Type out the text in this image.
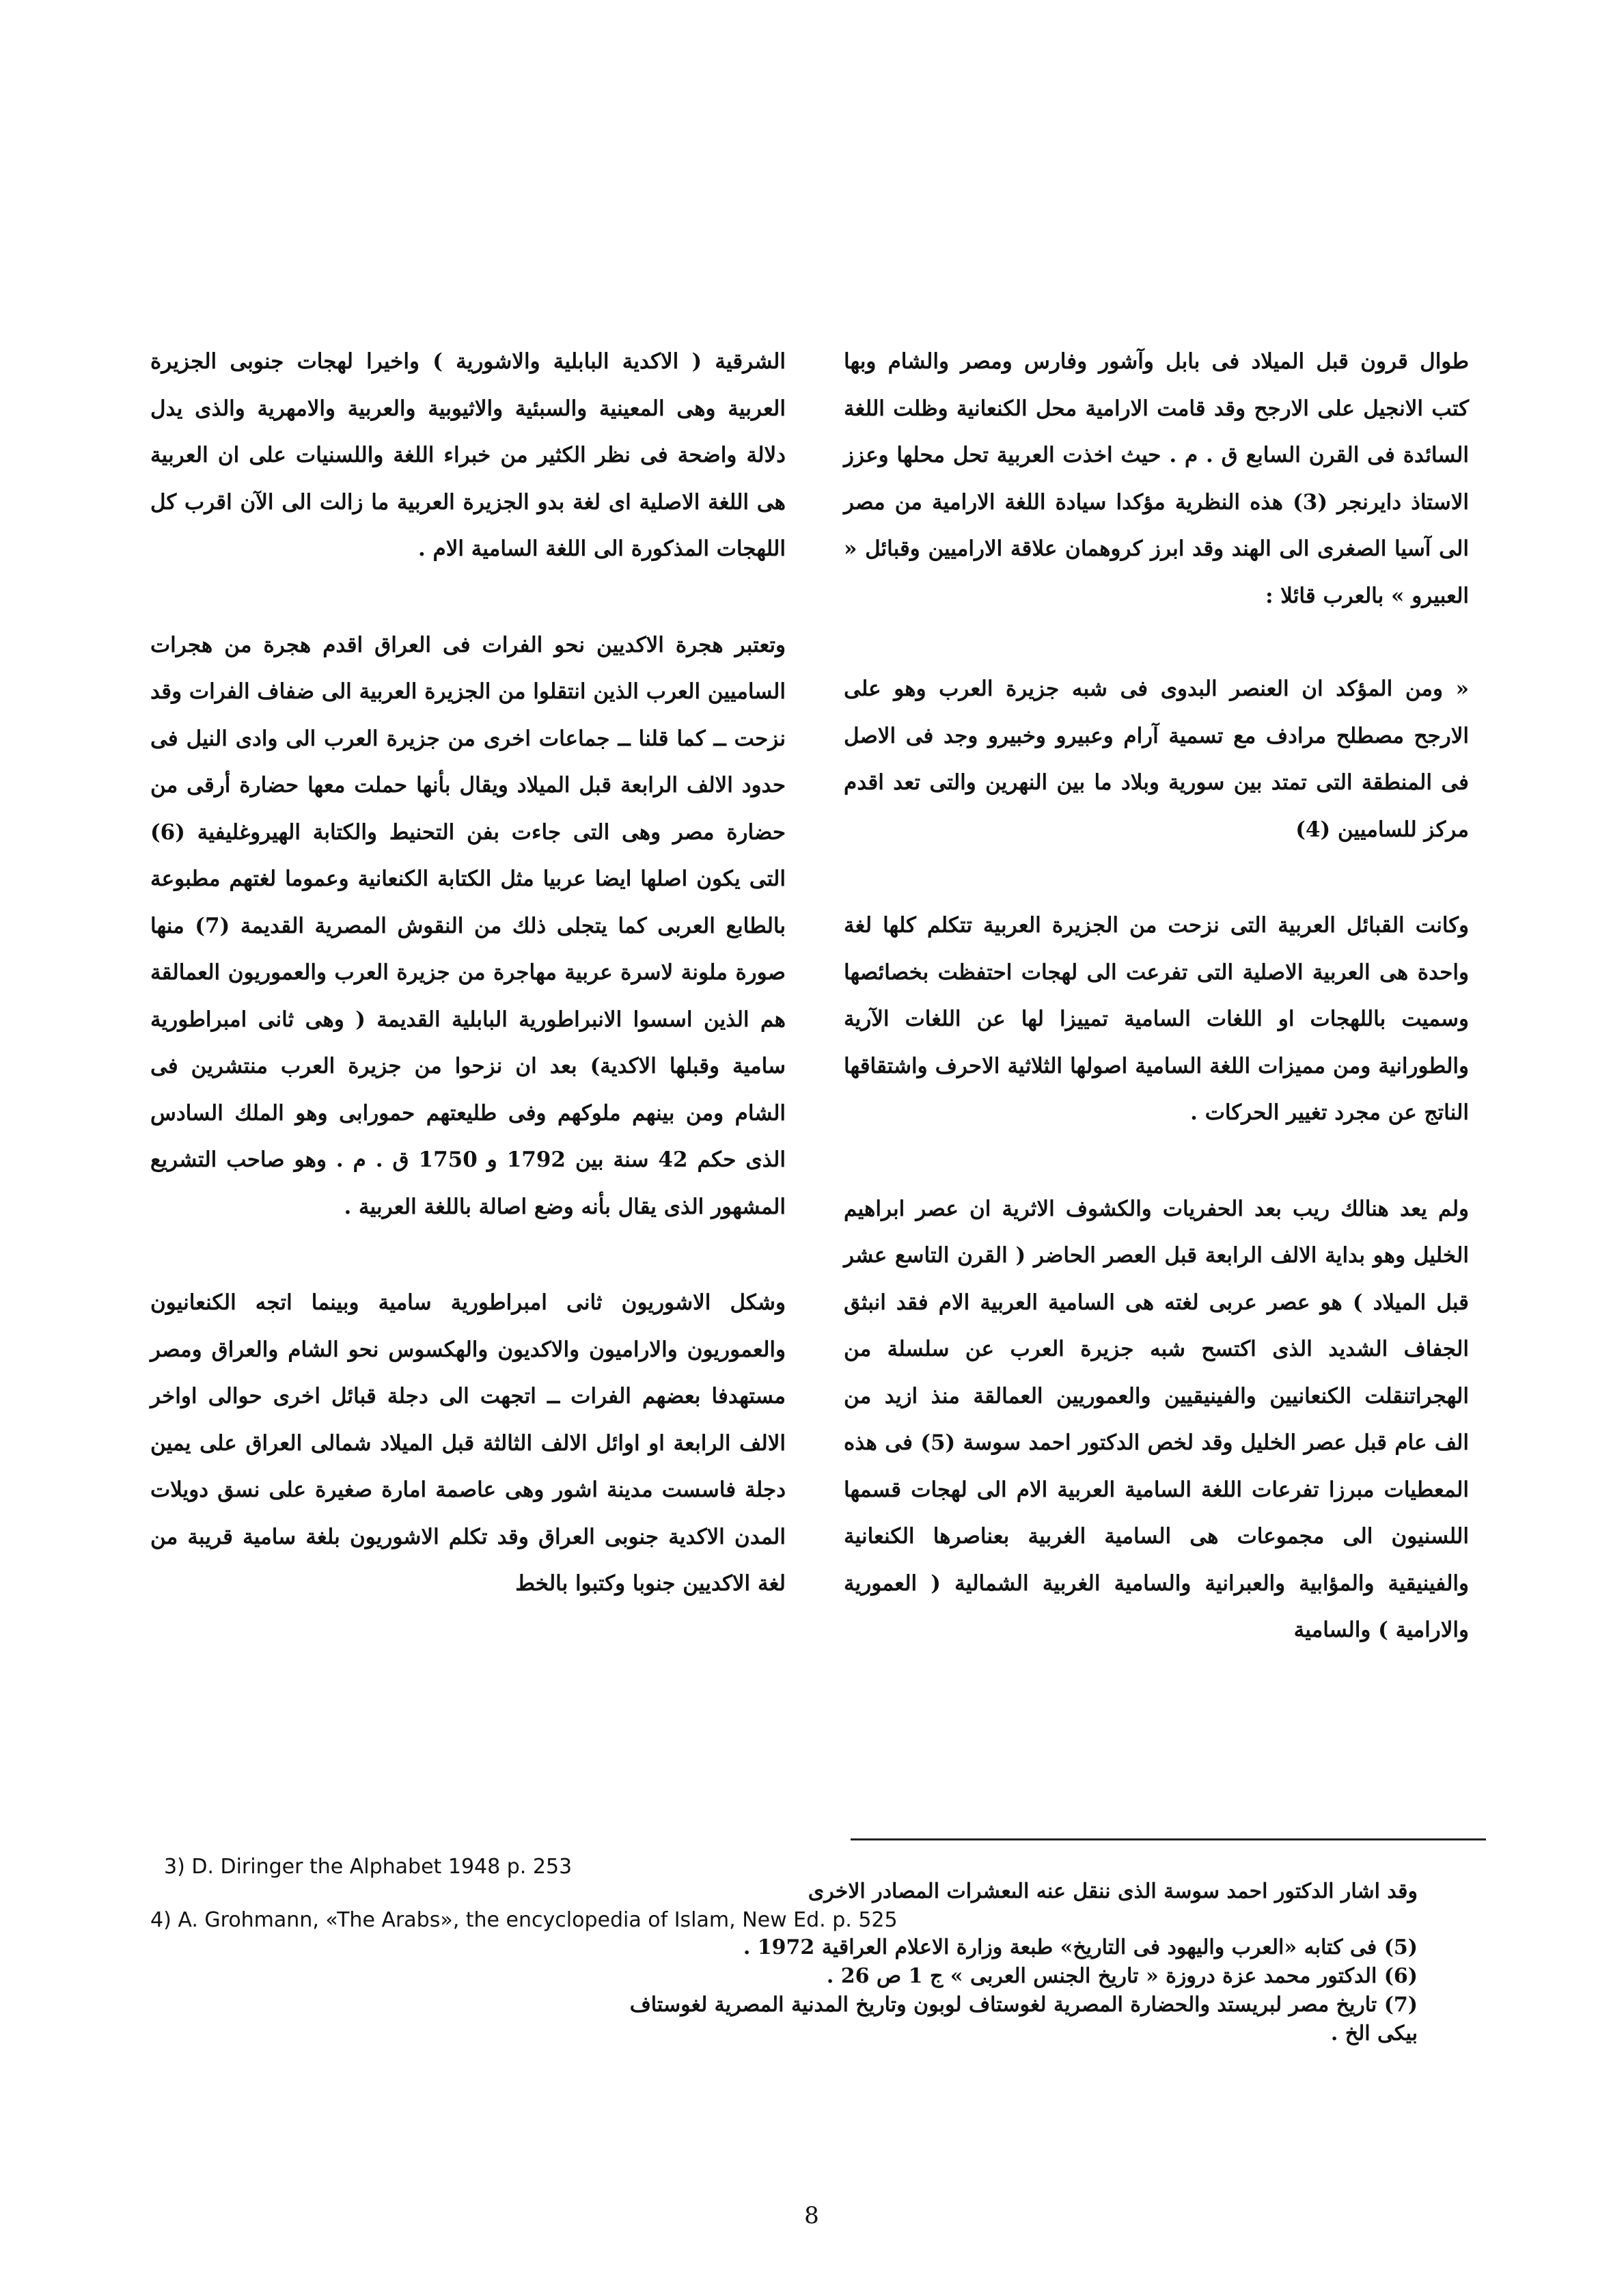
طوال قرون قبل الميلاد فى بابل وآشور وفارس ومصر والشام وبها كتب الانجيل على الارجح وقد قامت الارامية محل الكنعانية وظلت اللغة السائدة فى القرن السابع ق . م . حيث اخذت العربية تحل محلها وعزز الاستاذ دايرنجر (3) هذه النظرية مؤكدا سيادة اللغة الارامية من مصر الى آسيا الصغرى الى الهند وقد ابرز كروهمان علاقة الاراميين وقبائل « العبيرو » بالعرب قائلا :

« ومن المؤكد ان العنصر البدوى فى شبه جزيرة العرب وهو على الارجح مصطلح مرادف مع تسمية آرام وعبيرو وخبيرو وجد فى الاصل فى المنطقة التى تمتد بين سورية وبلاد ما بين النهرين والتى تعد اقدم مركز للساميين (4)

وكانت القبائل العربية التى نزحت من الجزيرة العربية تتكلم كلها لغة واحدة هى العربية الاصلية التى تفرعت الى لهجات احتفظت بخصائصها وسميت باللهجات او اللغات السامية تمييزا لها عن اللغات الآرية والطورانية ومن مميزات اللغة السامية اصولها الثلاثية الاحرف واشتقاقها الناتج عن مجرد تغيير الحركات .

ولم يعد هنالك ريب بعد الحفريات والكشوف الاثرية ان عصر ابراهيم الخليل وهو بداية الالف الرابعة قبل العصر الحاضر ( القرن التاسع عشر قبل الميلاد ) هو عصر عربى لغته هى السامية العربية الام فقد انبثق الجفاف الشديد الذى اكتسح شبه جزيرة العرب عن سلسلة من الهجراتنقلت الكنعانيين والفينيقيين والعموريين العمالقة منذ ازيد من الف عام قبل عصر الخليل وقد لخص الدكتور احمد سوسة (5) فى هذه المعطيات مبرزا تفرعات اللغة السامية العربية الام الى لهجات قسمها اللسنيون الى مجموعات هى السامية الغربية بعناصرها الكنعانية والفينيقية والمؤابية والعبرانية والسامية الغربية الشمالية ( العمورية والارامية ) والسامية

الشرقية ( الاكدية البابلية والاشورية ) واخيرا لهجات جنوبى الجزيرة العربية وهى المعينية والسبئية والاثيوبية والعربية والامهرية والذى يدل دلالة واضحة فى نظر الكثير من خبراء اللغة واللسنيات على ان العربية هى اللغة الاصلية اى لغة بدو الجزيرة العربية ما زالت الى الآن اقرب كل اللهجات المذكورة الى اللغة السامية الام .

وتعتبر هجرة الاكديين نحو الفرات فى العراق اقدم هجرة من هجرات الساميين العرب الذين انتقلوا من الجزيرة العربية الى ضفاف الفرات وقد نزحت ــ كما قلنا ــ جماعات اخرى من جزيرة العرب الى وادى النيل فى حدود الالف الرابعة قبل الميلاد ويقال بأنها حملت معها حضارة أرقى من حضارة مصر وهى التى جاءت بفن التحنيط والكتابة الهيروغليفية (6) التى يكون اصلها ايضا عربيا مثل الكتابة الكنعانية وعموما لغتهم مطبوعة بالطابع العربى كما يتجلى ذلك من النقوش المصرية القديمة (7) منها صورة ملونة لاسرة عربية مهاجرة من جزيرة العرب والعموريون العمالقة هم الذين اسسوا الانبراطورية البابلية القديمة ( وهى ثانى امبراطورية سامية وقبلها الاكدية) بعد ان نزحوا من جزيرة العرب منتشرين فى الشام ومن بينهم ملوكهم وفى طليعتهم حمورابى وهو الملك السادس الذى حكم 42 سنة بين 1792 و 1750 ق . م . وهو صاحب التشريع المشهور الذى يقال بأنه وضع اصالة باللغة العربية .

وشكل الاشوريون ثانى امبراطورية سامية وبينما اتجه الكنعانيون والعموريون والاراميون والاكديون والهكسوس نحو الشام والعراق ومصر مستهدفا بعضهم الفرات ــ اتجهت الى دجلة قبائل اخرى حوالى اواخر الالف الرابعة او اوائل الالف الثالثة قبل الميلاد شمالى العراق على يمين دجلة فاسست مدينة اشور وهى عاصمة امارة صغيرة على نسق دويلات المدن الاكدية جنوبى العراق وقد تكلم الاشوريون بلغة سامية قريبة من لغة الاكديين جنوبا وكتبوا بالخط

3) D. Diringer the Alphabet 1948 p. 253
وقد اشار الدكتور احمد سوسة الذى ننقل عنه الىعشرات المصادر الاخرى
4) A. Grohmann, «The Arabs», the encyclopedia of Islam, New Ed. p. 525
(5) فى كتابه «العرب واليهود فى التاريخ» طبعة وزارة الاعلام العراقية 1972 .
(6) الدكتور محمد عزة دروزة « تاريخ الجنس العربى » ج 1 ص 26 .
(7) تاريخ مصر لبريستد والحضارة المصرية لغوستاف لوبون وتاريخ المدنية المصرية لغوستاف
بيكى الخ .
8
